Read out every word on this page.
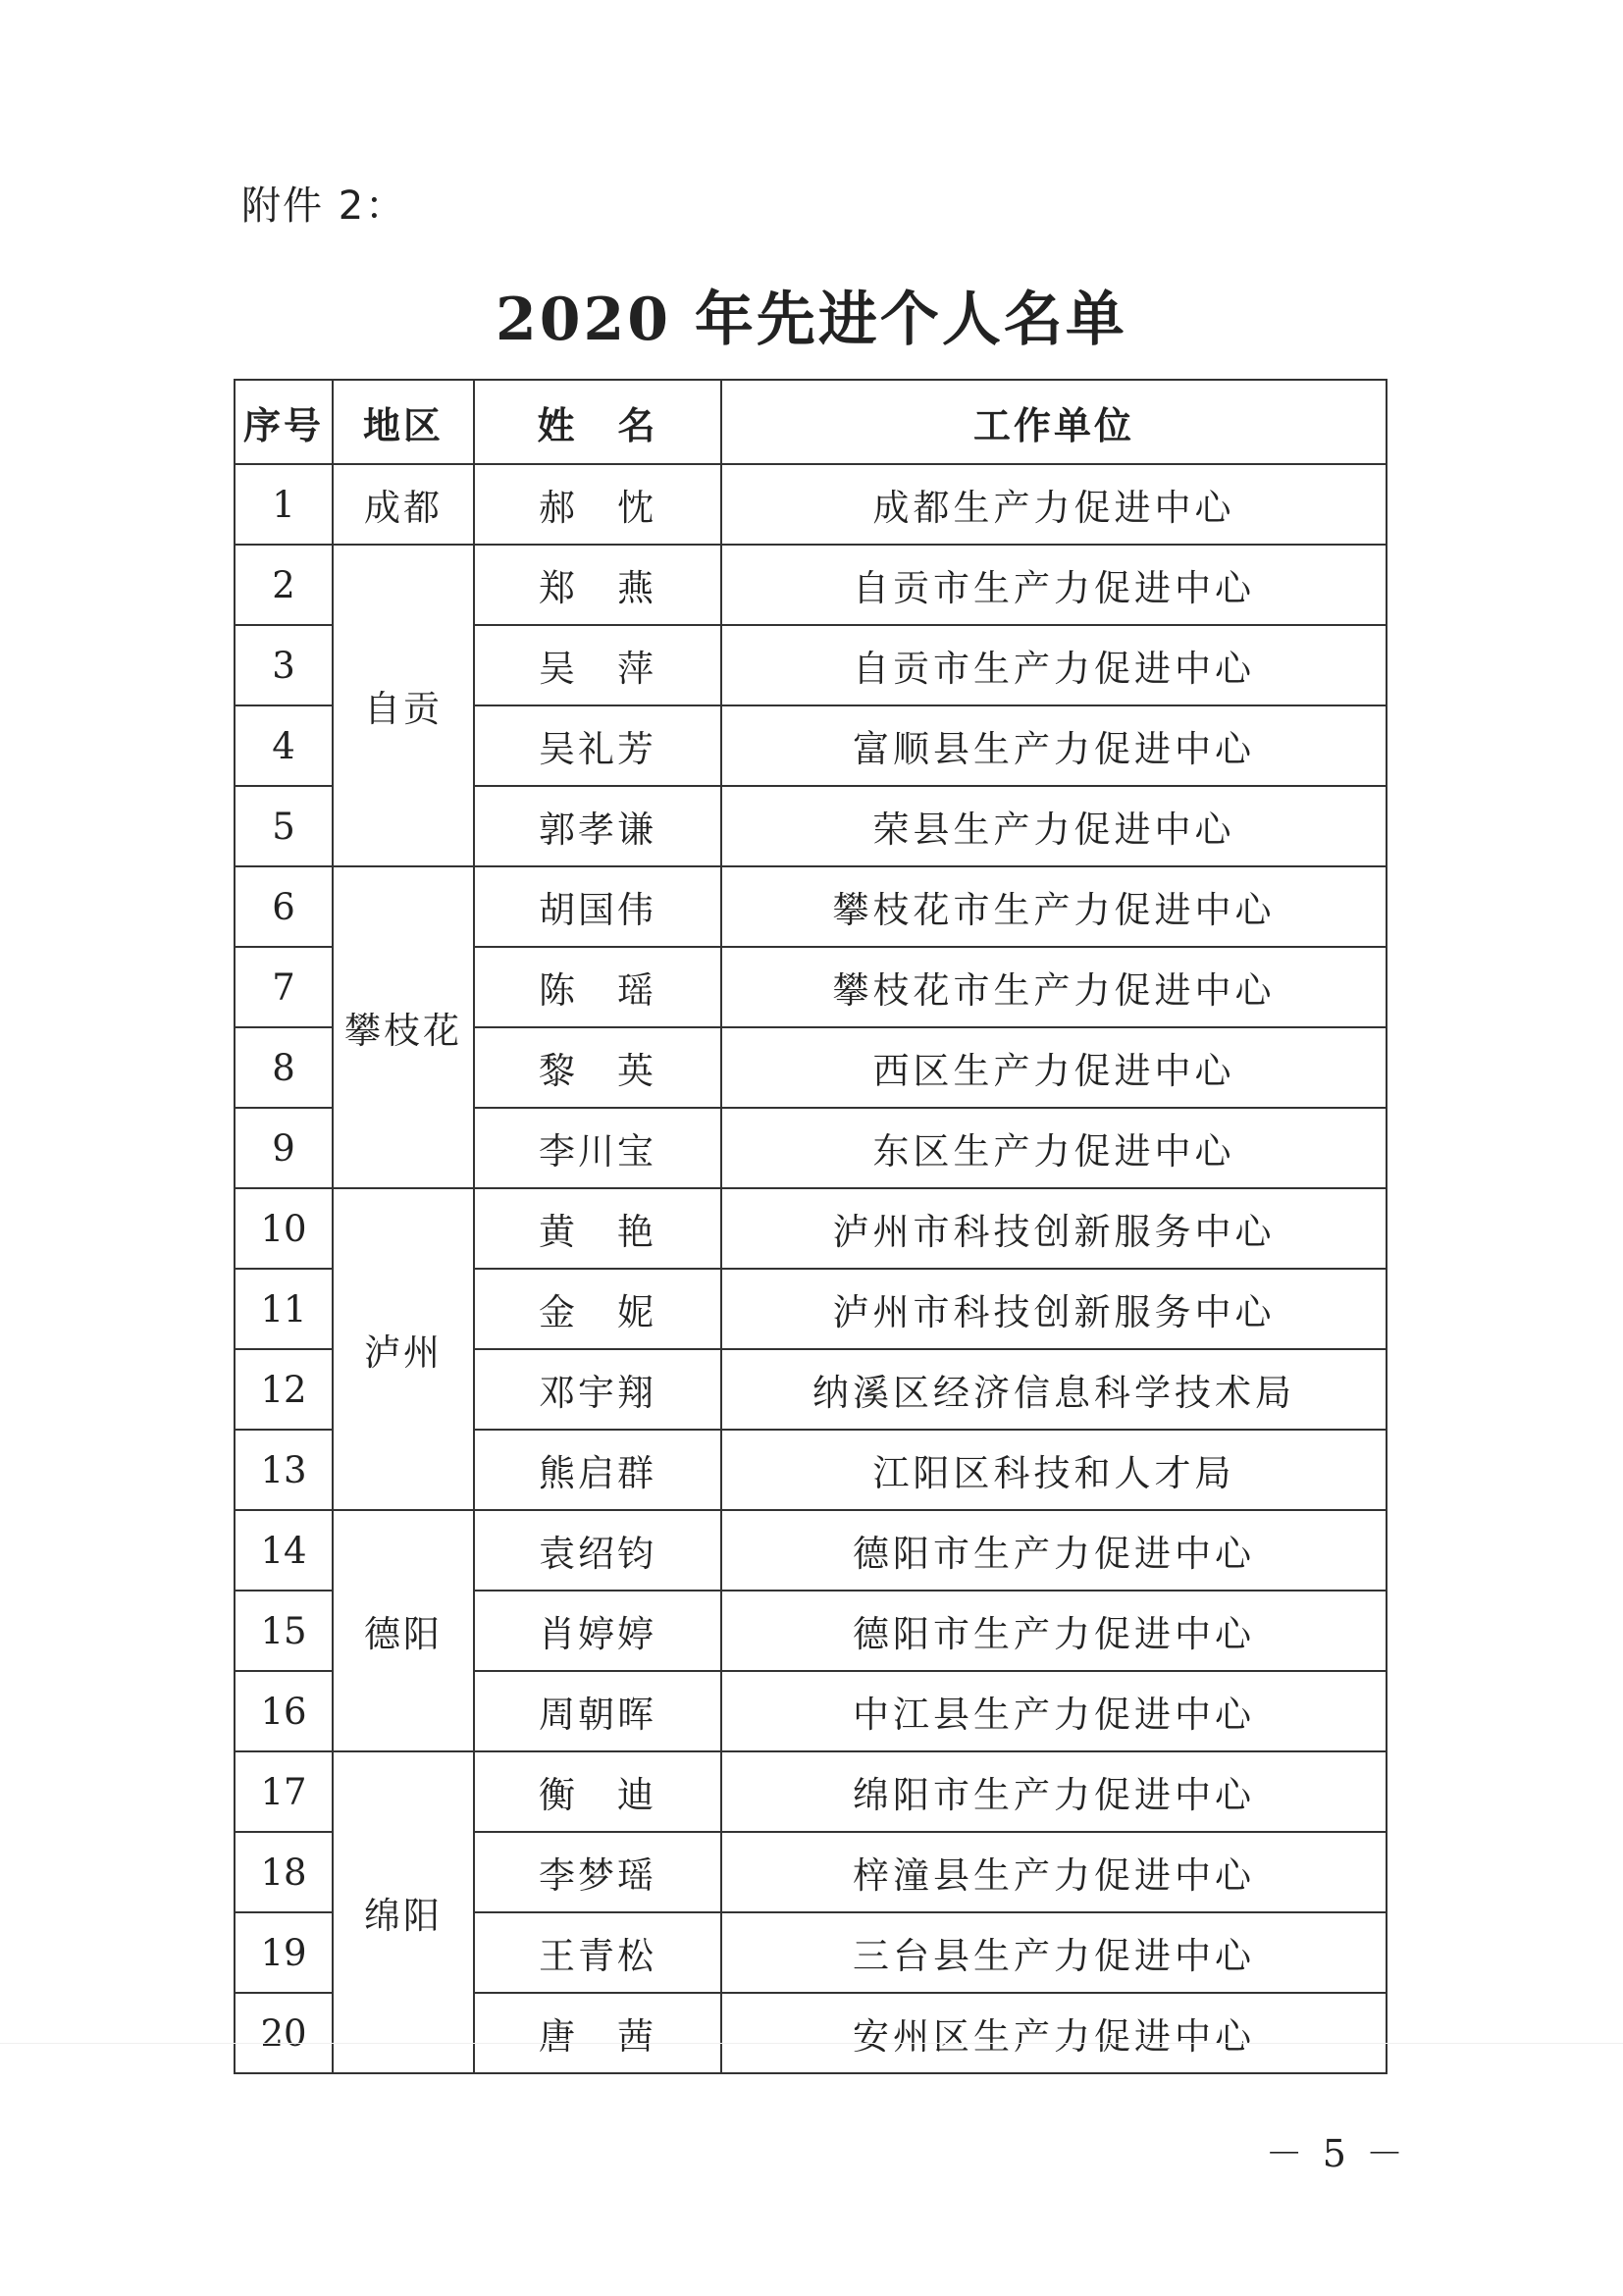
附件 2：
2020 年先进个人名单
序号	地区	姓　名	工作单位
1	成都	郝　忱	成都生产力促进中心
2	自贡	郑　燕	自贡市生产力促进中心
3		吴　萍	自贡市生产力促进中心
4		吴礼芳	富顺县生产力促进中心
5		郭孝谦	荣县生产力促进中心
6	攀枝花	胡国伟	攀枝花市生产力促进中心
7		陈　瑶	攀枝花市生产力促进中心
8		黎　英	西区生产力促进中心
9		李川宝	东区生产力促进中心
10	泸州	黄　艳	泸州市科技创新服务中心
11		金　妮	泸州市科技创新服务中心
12		邓宇翔	纳溪区经济信息科学技术局
13		熊启群	江阳区科技和人才局
14	德阳	袁绍钧	德阳市生产力促进中心
15		肖婷婷	德阳市生产力促进中心
16		周朝晖	中江县生产力促进中心
17	绵阳	衡　迪	绵阳市生产力促进中心
18		李梦瑶	梓潼县生产力促进中心
19		王青松	三台县生产力促进中心
20		唐　茜	安州区生产力促进中心
－ 5 －
